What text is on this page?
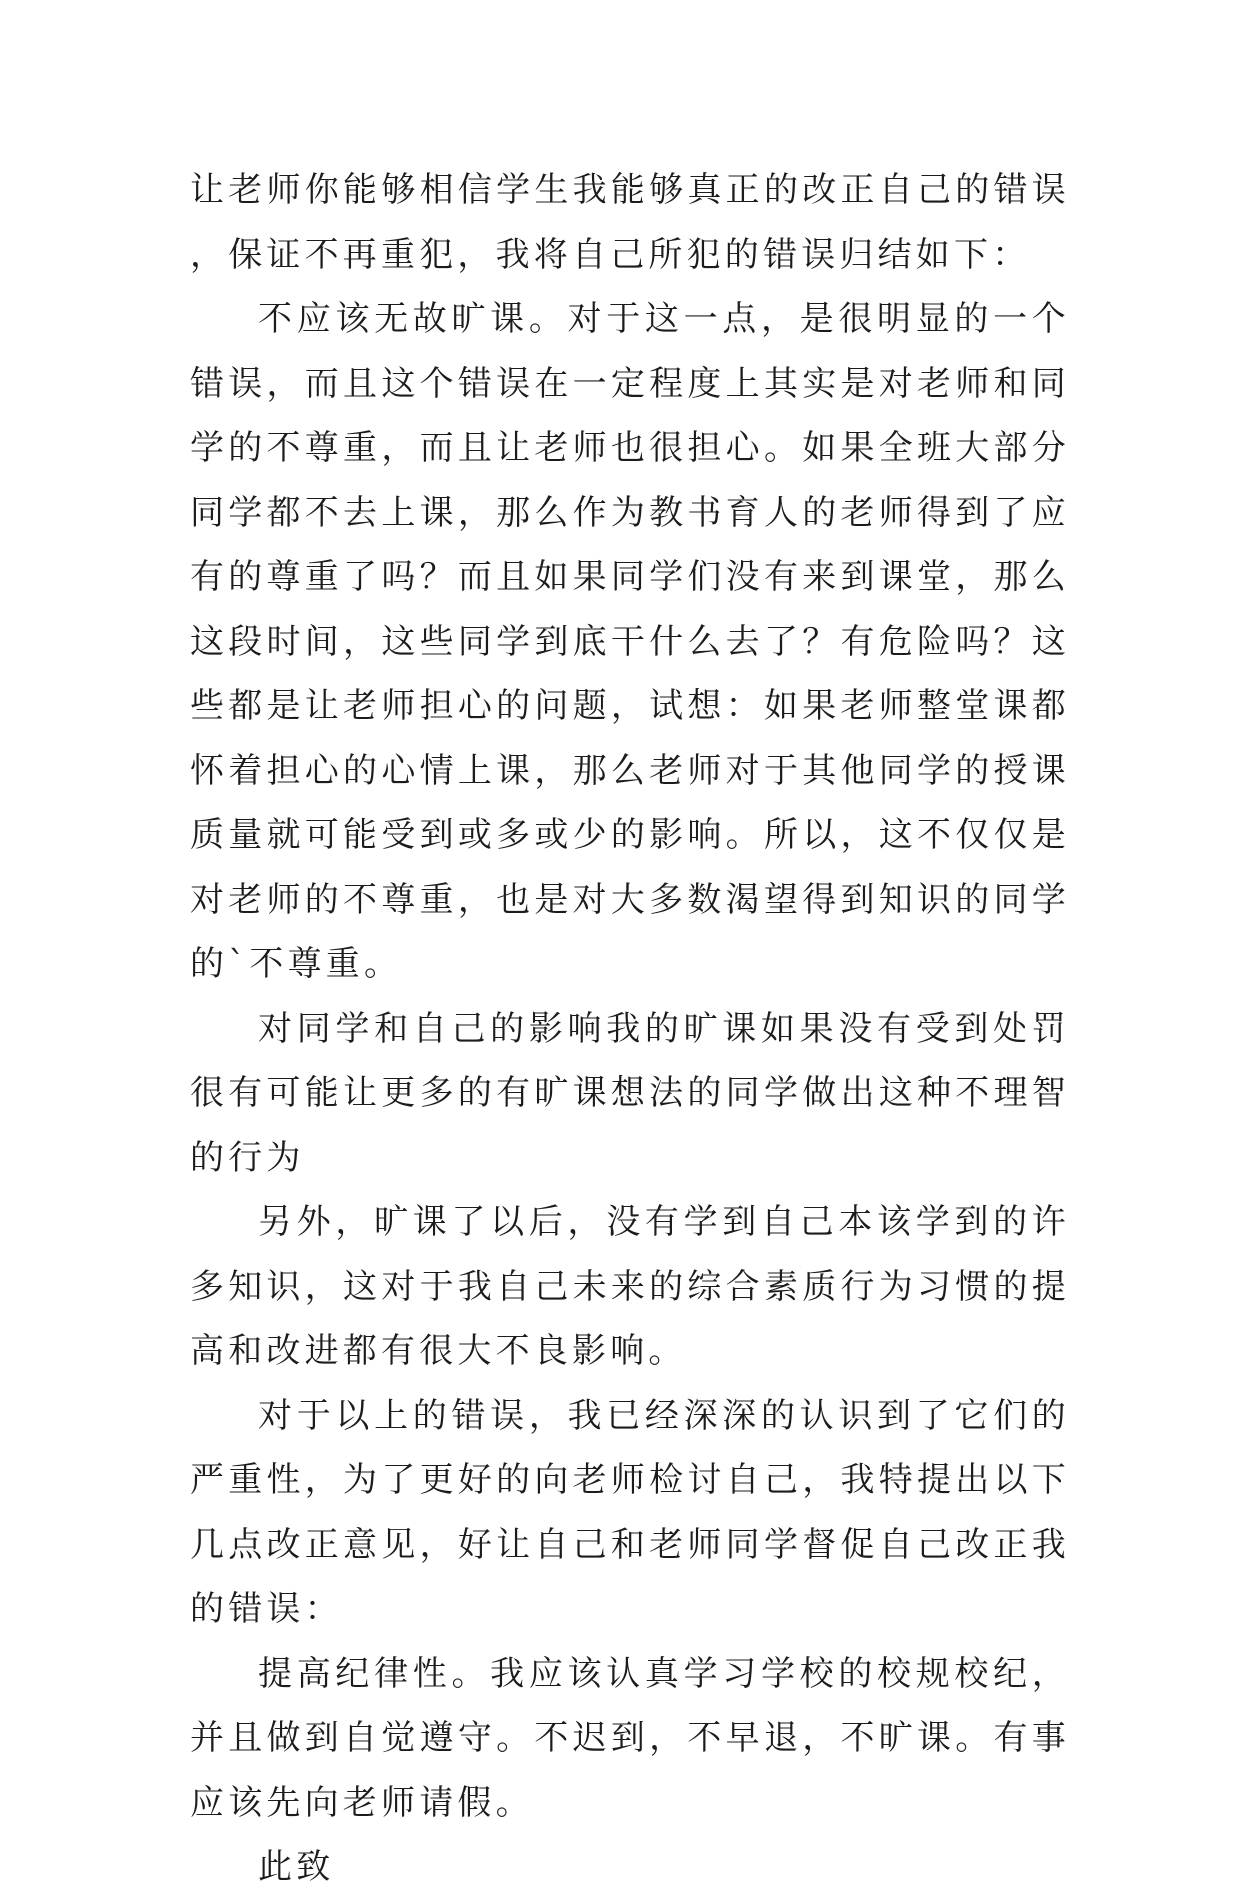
让老师你能够相信学生我能够真正的改正自己的错误，保证不再重犯，我将自己所犯的错误归结如下：

不应该无故旷课。对于这一点，是很明显的一个错误，而且这个错误在一定程度上其实是对老师和同学的不尊重，而且让老师也很担心。如果全班大部分同学都不去上课，那么作为教书育人的老师得到了应有的尊重了吗？而且如果同学们没有来到课堂，那么这段时间，这些同学到底干什么去了？有危险吗？这些都是让老师担心的问题，试想：如果老师整堂课都怀着担心的心情上课，那么老师对于其他同学的授课质量就可能受到或多或少的影响。所以，这不仅仅是对老师的不尊重，也是对大多数渴望得到知识的同学的`不尊重。

对同学和自己的影响我的旷课如果没有受到处罚很有可能让更多的有旷课想法的同学做出这种不理智的行为

另外，旷课了以后，没有学到自己本该学到的许多知识，这对于我自己未来的综合素质行为习惯的提高和改进都有很大不良影响。

对于以上的错误，我已经深深的认识到了它们的严重性，为了更好的向老师检讨自己，我特提出以下几点改正意见，好让自己和老师同学督促自己改正我的错误：

提高纪律性。我应该认真学习学校的校规校纪，并且做到自觉遵守。不迟到，不早退，不旷课。有事应该先向老师请假。

此致
